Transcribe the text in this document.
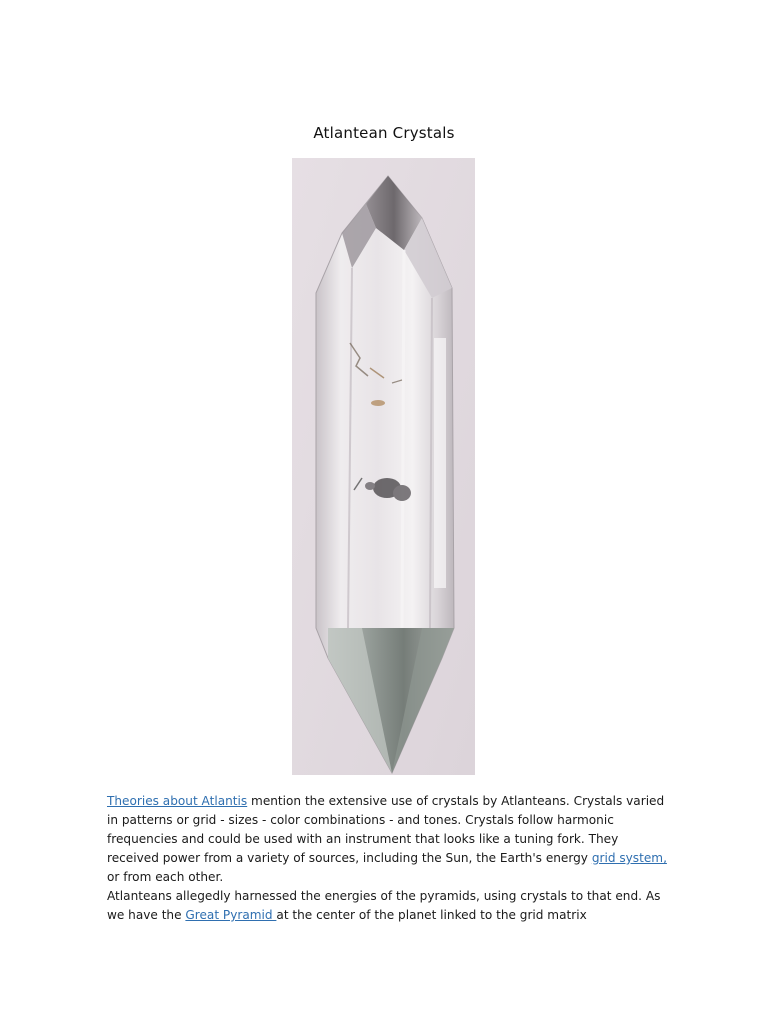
Atlantean Crystals

Theories about Atlantis mention the extensive use of crystals by Atlanteans. Crystals varied in patterns or grid - sizes - color combinations - and tones. Crystals follow harmonic frequencies and could be used with an instrument that looks like a tuning fork. They received power from a variety of sources, including the Sun, the Earth's energy grid system, or from each other.

Atlanteans allegedly harnessed the energies of the pyramids, using crystals to that end. As we have the Great Pyramid at the center of the planet linked to the grid matrix
